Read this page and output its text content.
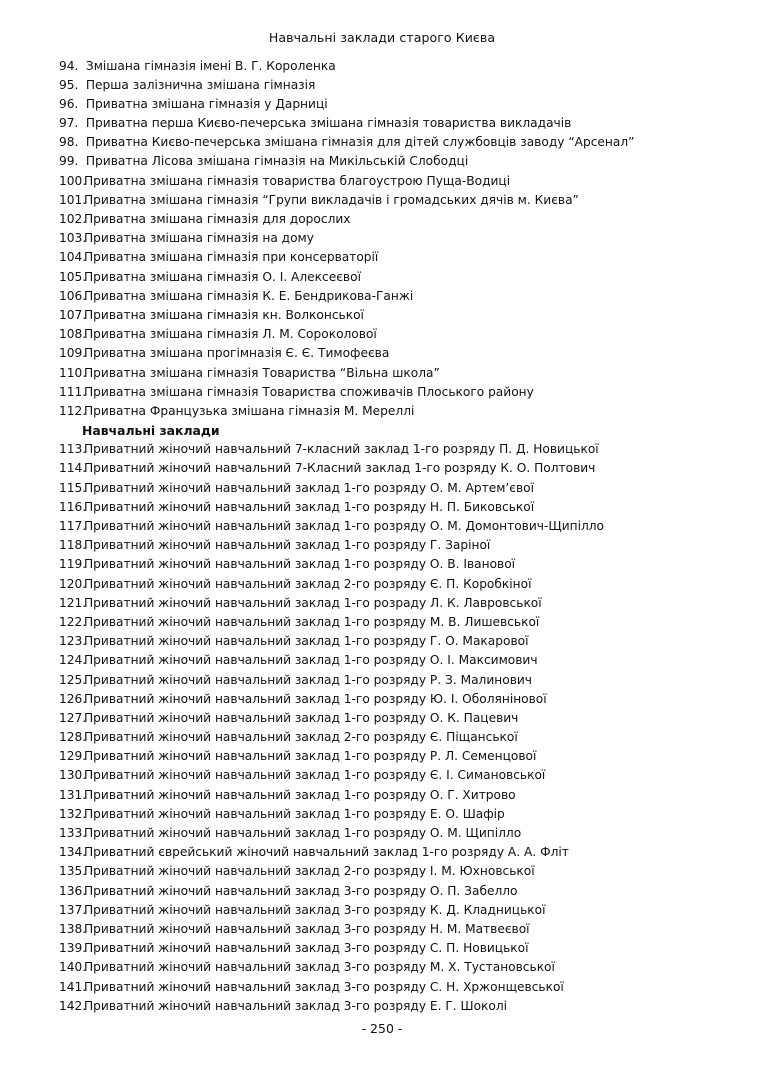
Навчальні заклади старого Києва
94. Змішана гімназія імені В. Г. Короленка
95. Перша залізнична змішана гімназія
96. Приватна змішана гімназія у Дарниці
97. Приватна перша Києво-печерська змішана гімназія товариства викладачів
98. Приватна Києво-печерська змішана гімназія для дітей службовців заводу “Арсенал”
99. Приватна Лісова змішана гімназія на Микільській Слободці
100.Приватна змішана гімназія товариства благоустрою Пуща-Водиці
101.Приватна змішана гімназія “Групи викладачів і громадських дячів м. Києва”
102.Приватна змішана гімназія для дорослих
103.Приватна змішана гімназія на дому
104.Приватна змішана гімназія при консерваторії
105.Приватна змішана гімназія О. І. Алексеєвої
106.Приватна змішана гімназія К. Е. Бендрикова-Ганжі
107.Приватна змішана гімназія кн. Волконської
108.Приватна змішана гімназія Л. М. Сороколової
109.Приватна змішана прогімназія Є. Є. Тимофеєва
110.Приватна змішана гімназія Товариства “Вільна школа”
111.Приватна змішана гімназія Товариства споживачів Плоського району
112.Приватна Французька змішана гімназія М. Мереллі
Навчальні заклади
113.Приватний жіночий навчальний 7-класний заклад 1-го розряду П. Д. Новицької
114.Приватний жіночий навчальний 7-Класний заклад 1-го розряду К. О. Полтович
115.Приватний жіночий навчальний заклад 1-го розряду О. М. Артем’євої
116.Приватний жіночий навчальний заклад 1-го розряду Н. П. Биковської
117.Приватний жіночий навчальний заклад 1-го розряду О. М. Домонтович-Щипілло
118.Приватний жіночий навчальний заклад 1-го розряду Г. Заріної
119.Приватний жіночий навчальний заклад 1-го розряду О. В. Іванової
120.Приватний жіночий навчальний заклад 2-го розряду Є. П. Коробкіної
121.Приватний жіночий навчальний заклад 1-го розраду Л. К. Лавровської
122.Приватний жіночий навчальний заклад 1-го розряду М. В. Лишевської
123.Приватний жіночий навчальний заклад 1-го розряду Г. О. Макарової
124.Приватний жіночий навчальний заклад 1-го розряду О. І. Максимович
125.Приватний жіночий навчальний заклад 1-го розряду Р. З. Малинович
126.Приватний жіночий навчальний заклад 1-го розряду Ю. І. Оболянінової
127.Приватний жіночий навчальний заклад 1-го розряду О. К. Пацевич
128.Приватний жіночий навчальний заклад 2-го розряду Є. Піщанської
129.Приватний жіночий навчальний заклад 1-го розряду Р. Л. Семенцової
130.Приватний жіночий навчальний заклад 1-го розряду Є. І. Симановської
131.Приватний жіночий навчальний заклад 1-го розряду О. Г. Хитрово
132.Приватний жіночий навчальний заклад 1-го розряду Е. О. Шафір
133.Приватний жіночий навчальний заклад 1-го розряду О. М. Щипілло
134.Приватний єврейський жіночий навчальний заклад 1-го розряду А. А. Фліт
135.Приватний жіночий навчальний заклад 2-го розряду І. М. Юхновської
136.Приватний жіночий навчальний заклад 3-го розряду О. П. Забелло
137.Приватний жіночий навчальний заклад 3-го розряду К. Д. Кладницької
138.Приватний жіночий навчальний заклад 3-го розряду Н. М. Матвеєвої
139.Приватний жіночий навчальний заклад 3-го розряду С. П. Новицької
140.Приватний жіночий навчальний заклад 3-го розряду М. Х. Тустановської
141.Приватний жіночий навчальний заклад 3-го розряду С. Н. Хржонщевської
142.Приватний жіночий навчальний заклад 3-го розряду Е. Г. Шоколі
- 250 -
